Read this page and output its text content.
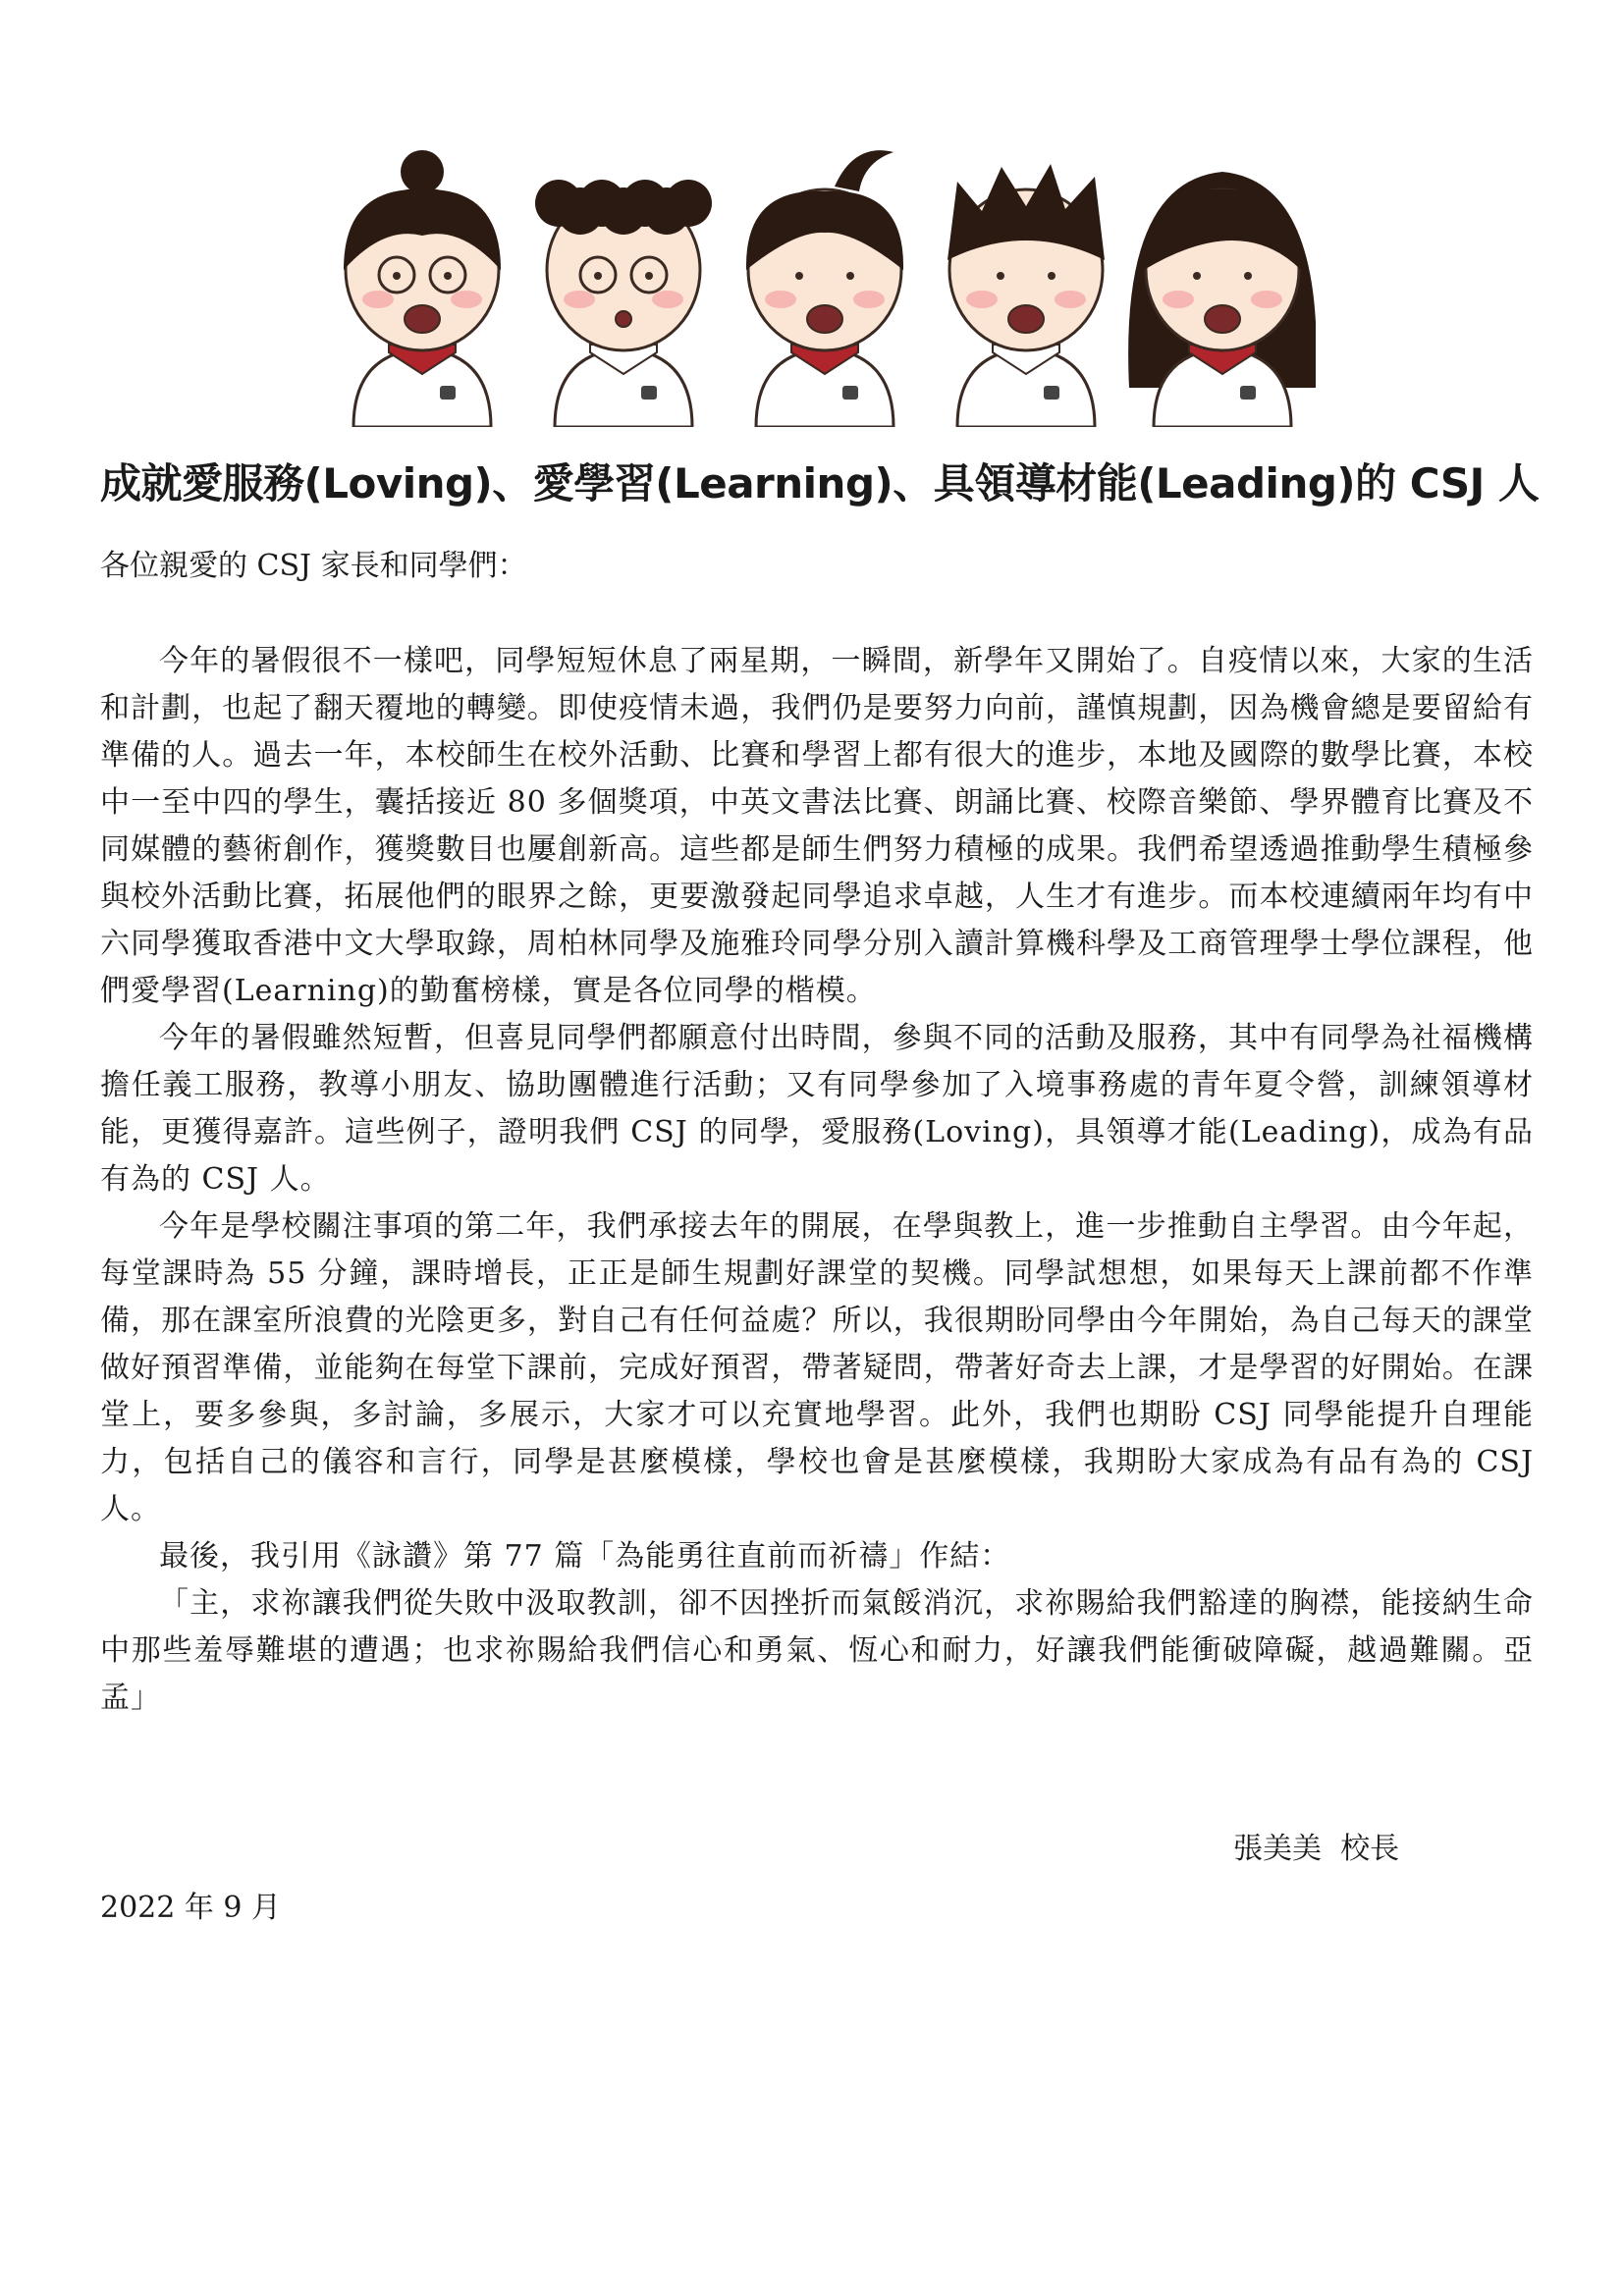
成就愛服務(Loving)、愛學習(Learning)、具領導材能(Leading)的 CSJ 人

各位親愛的 CSJ 家長和同學們：

今年的暑假很不一樣吧，同學短短休息了兩星期，一瞬間，新學年又開始了。自疫情以來，大家的生活和計劃，也起了翻天覆地的轉變。即使疫情未過，我們仍是要努力向前，謹慎規劃，因為機會總是要留給有準備的人。過去一年，本校師生在校外活動、比賽和學習上都有很大的進步，本地及國際的數學比賽，本校中一至中四的學生，囊括接近 80 多個獎項，中英文書法比賽、朗誦比賽、校際音樂節、學界體育比賽及不同媒體的藝術創作，獲獎數目也屢創新高。這些都是師生們努力積極的成果。我們希望透過推動學生積極參與校外活動比賽，拓展他們的眼界之餘，更要激發起同學追求卓越，人生才有進步。而本校連續兩年均有中六同學獲取香港中文大學取錄，周柏林同學及施雅玲同學分別入讀計算機科學及工商管理學士學位課程，他們愛學習(Learning)的勤奮榜樣，實是各位同學的楷模。

今年的暑假雖然短暫，但喜見同學們都願意付出時間，參與不同的活動及服務，其中有同學為社福機構擔任義工服務，教導小朋友、協助團體進行活動；又有同學參加了入境事務處的青年夏令營，訓練領導材能，更獲得嘉許。這些例子，證明我們 CSJ 的同學，愛服務(Loving)，具領導才能(Leading)，成為有品有為的 CSJ 人。

今年是學校關注事項的第二年，我們承接去年的開展，在學與教上，進一步推動自主學習。由今年起，每堂課時為 55 分鐘，課時增長，正正是師生規劃好課堂的契機。同學試想想，如果每天上課前都不作準備，那在課室所浪費的光陰更多，對自己有任何益處？所以，我很期盼同學由今年開始，為自己每天的課堂做好預習準備，並能夠在每堂下課前，完成好預習，帶著疑問，帶著好奇去上課，才是學習的好開始。在課堂上，要多參與，多討論，多展示，大家才可以充實地學習。此外，我們也期盼 CSJ 同學能提升自理能力，包括自己的儀容和言行，同學是甚麼模樣，學校也會是甚麼模樣，我期盼大家成為有品有為的 CSJ 人。

最後，我引用《詠讚》第 77 篇「為能勇往直前而祈禱」作結：

「主，求祢讓我們從失敗中汲取教訓，卻不因挫折而氣餒消沉，求祢賜給我們豁達的胸襟，能接納生命中那些羞辱難堪的遭遇；也求祢賜給我們信心和勇氣、恆心和耐力，好讓我們能衝破障礙，越過難關。亞孟」

張美美  校長

2022 年 9 月
